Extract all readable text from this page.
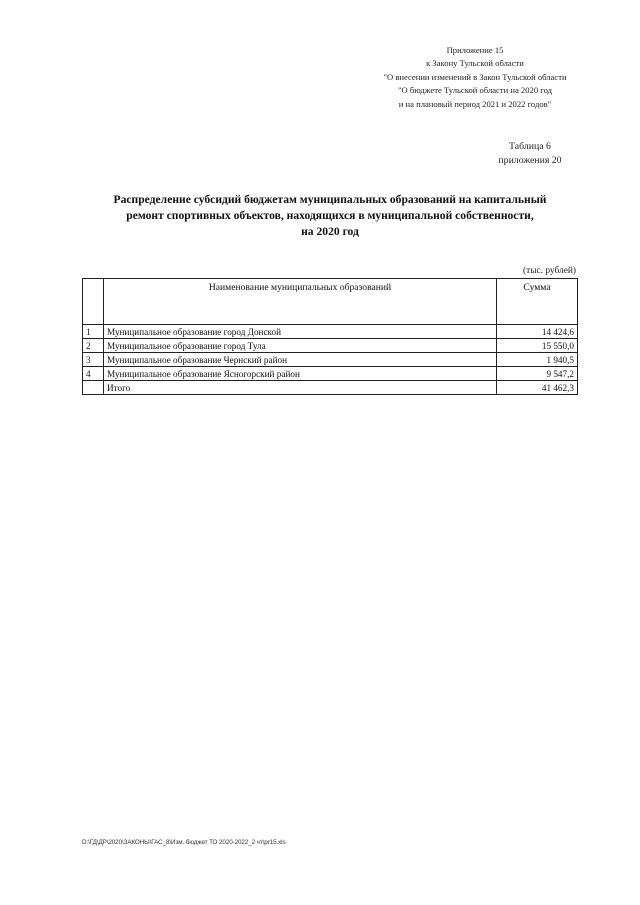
Приложение 15
к Закону Тульской области
"О внесении изменений в Закон Тульской области
"О бюджете Тульской области на 2020 год
и на плановый период 2021 и 2022 годов"
Таблица 6
приложения 20
Распределение субсидий бюджетам муниципальных образований на капитальный
ремонт спортивных объектов, находящихся в муниципальной собственности,
на 2020 год
(тыс. рублей)
	Наименование муниципальных образований	Сумма
1	Муниципальное образование город Донской	14 424,6
2	Муниципальное образование город Тула	15 550,0
3	Муниципальное образование Чернский район	1 940,5
4	Муниципальное образование Ясногорский район	9 547,2
	Итого	41 462,3
D:\ГД\ДР\2020\ЗАКОНЫ\ГАС_8\Изм. бюджет ТО 2020-2022_2 чт\pr15.xls
